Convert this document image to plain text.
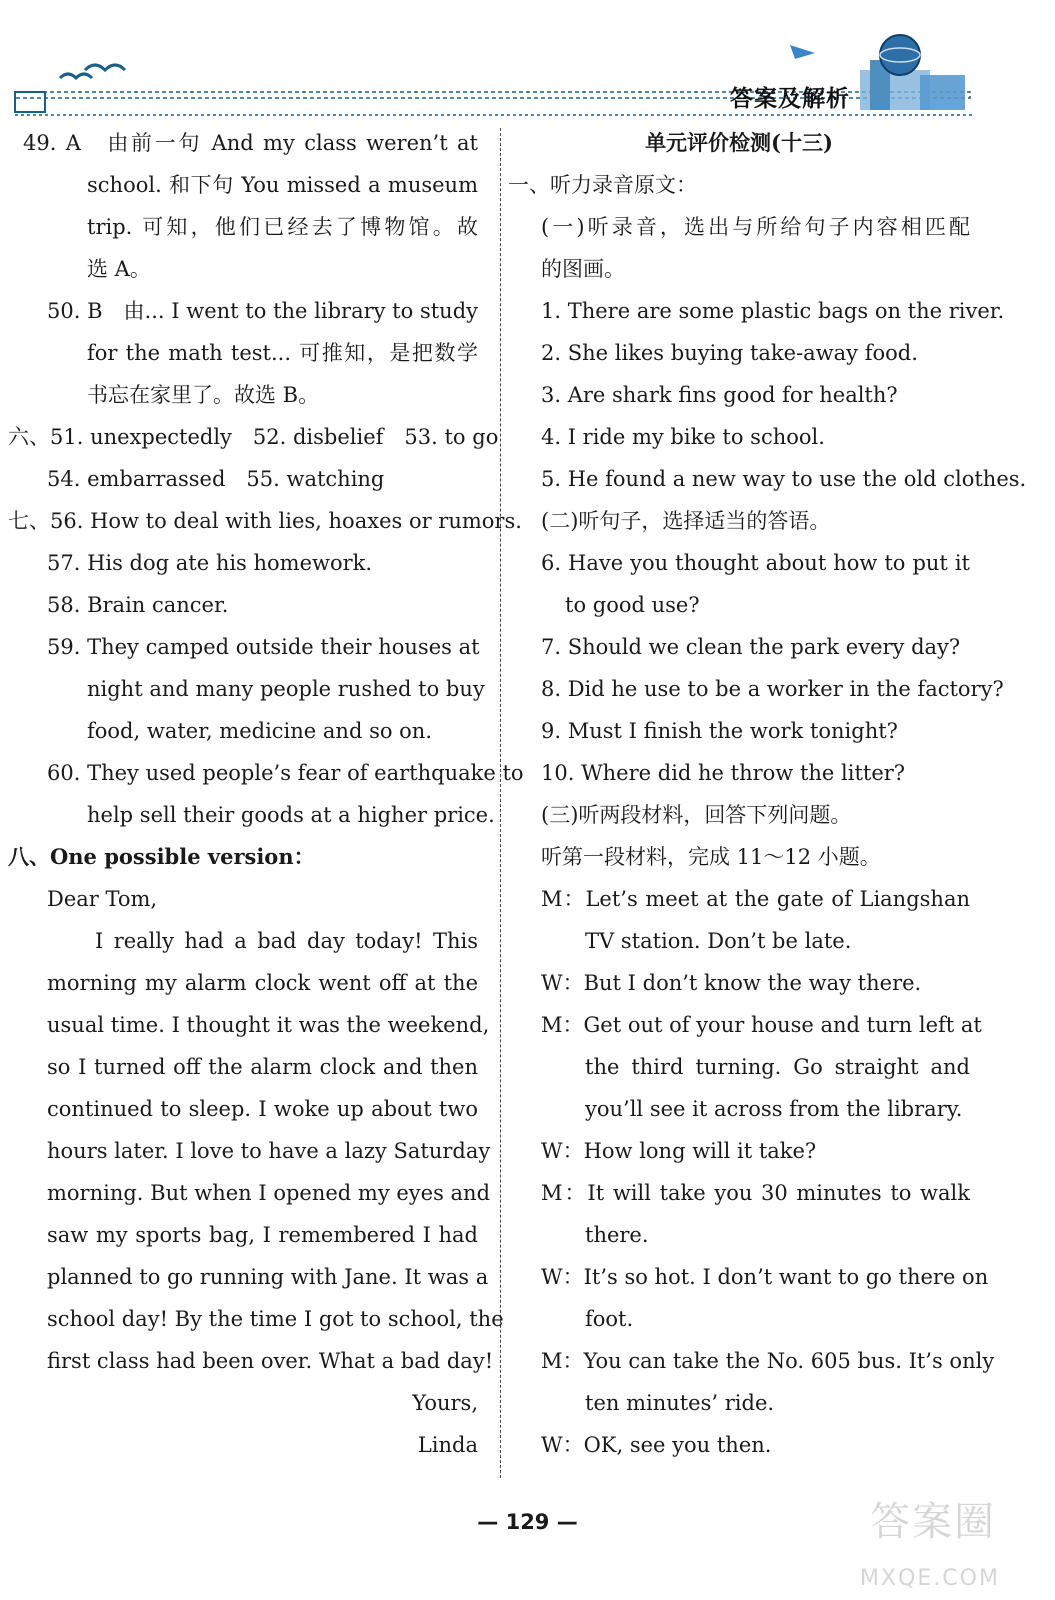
答案及解析
49. A　由前一句 And my class weren’t at
school. 和下句 You missed a museum
trip. 可知，他们已经去了博物馆。故
选 A。
50. B　由... I went to the library to study
for the math test... 可推知，是把数学
书忘在家里了。故选 B。
六、51. unexpectedly　52. disbelief　53. to go
54. embarrassed　55. watching
七、56. How to deal with lies, hoaxes or rumors.
57. His dog ate his homework.
58. Brain cancer.
59. They camped outside their houses at
night and many people rushed to buy
food, water, medicine and so on.
60. They used people’s fear of earthquake to
help sell their goods at a higher price.
八、One possible version：
Dear Tom,
I really had a bad day today! This
morning my alarm clock went off at the
usual time. I thought it was the weekend,
so I turned off the alarm clock and then
continued to sleep. I woke up about two
hours later. I love to have a lazy Saturday
morning. But when I opened my eyes and
saw my sports bag, I remembered I had
planned to go running with Jane. It was a
school day! By the time I got to school, the
first class had been over. What a bad day!
Yours,
Linda
单元评价检测(十三)
一、听力录音原文：
(一)听录音，选出与所给句子内容相匹配
的图画。
1. There are some plastic bags on the river.
2. She likes buying take-away food.
3. Are shark fins good for health?
4. I ride my bike to school.
5. He found a new way to use the old clothes.
(二)听句子，选择适当的答语。
6. Have you thought about how to put it
to good use?
7. Should we clean the park every day?
8. Did he use to be a worker in the factory?
9. Must I finish the work tonight?
10. Where did he throw the litter?
(三)听两段材料，回答下列问题。
听第一段材料，完成 11～12 小题。
M：Let’s meet at the gate of Liangshan
TV station. Don’t be late.
W：But I don’t know the way there.
M：Get out of your house and turn left at
the third turning. Go straight and
you’ll see it across from the library.
W：How long will it take?
M：It will take you 30 minutes to walk
there.
W：It’s so hot. I don’t want to go there on
foot.
M：You can take the No. 605 bus. It’s only
ten minutes’ ride.
W：OK, see you then.
— 129 —	答案圈
MXQE.COM
